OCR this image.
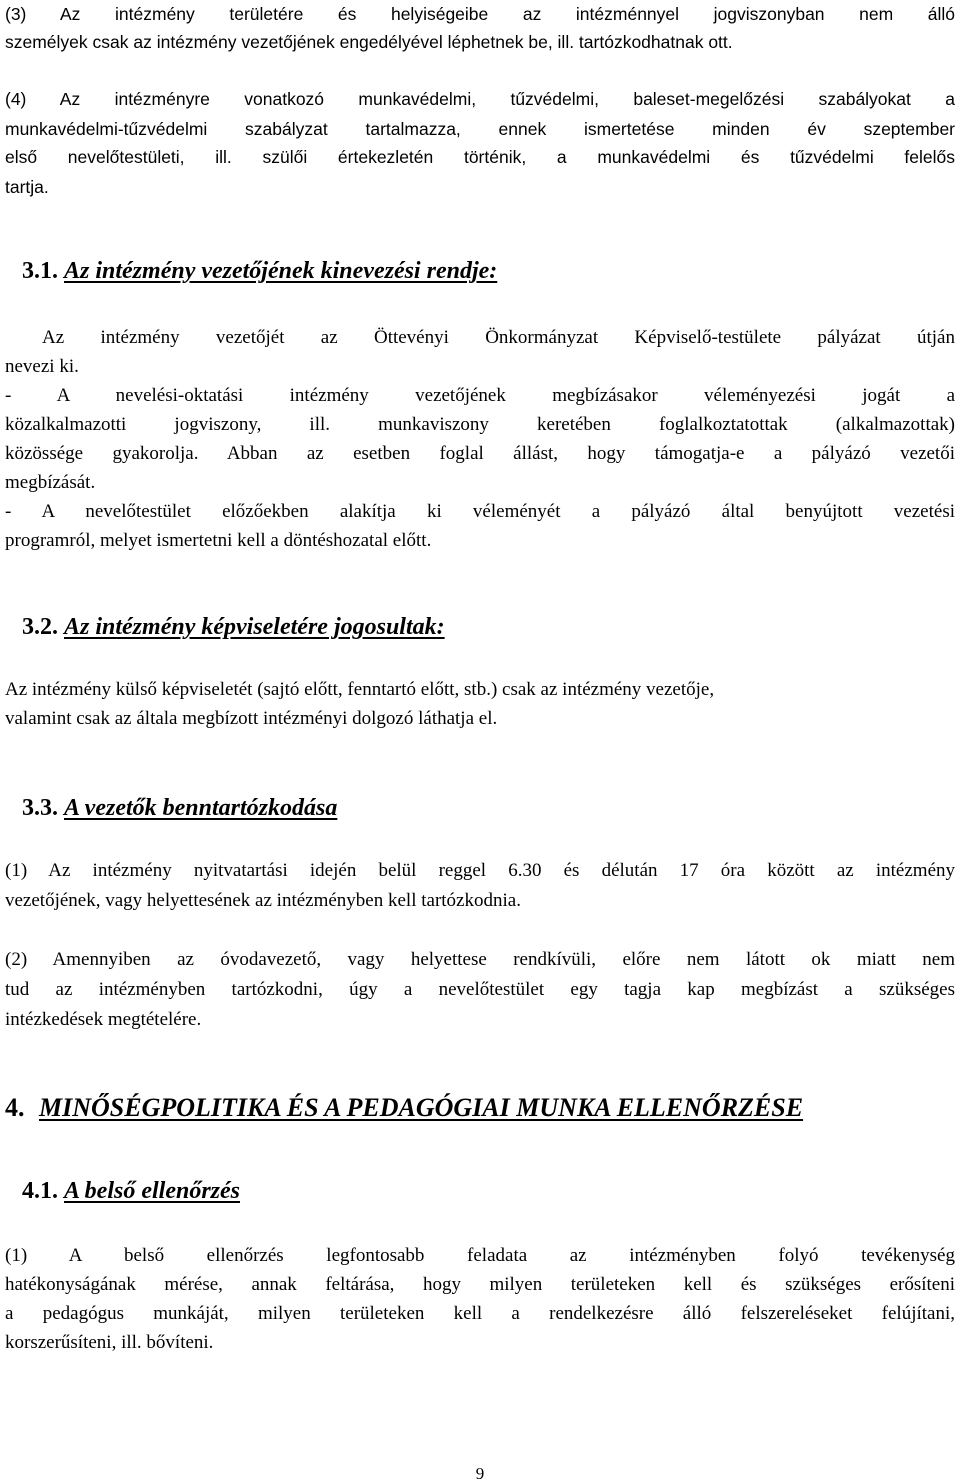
(3) Az intézmény területére és helyiségeibe az intézménnyel jogviszonyban nem álló
személyek csak az intézmény vezetőjének engedélyével léphetnek be, ill. tartózkodhatnak ott.
(4) Az intézményre vonatkozó munkavédelmi, tűzvédelmi, baleset-megelőzési szabályokat a
munkavédelmi-tűzvédelmi szabályzat tartalmazza, ennek ismertetése minden év szeptember
első nevelőtestületi, ill. szülői értekezletén történik, a munkavédelmi és tűzvédelmi felelős
tartja.
3.1. Az intézmény vezetőjének kinevezési rendje:
Az intézmény vezetőjét az Öttevényi Önkormányzat Képviselő-testülete pályázat útján
nevezi ki.
- A nevelési-oktatási intézmény vezetőjének megbízásakor véleményezési jogát a
közalkalmazotti jogviszony, ill. munkaviszony keretében foglalkoztatottak (alkalmazottak)
közössége gyakorolja. Abban az esetben foglal állást, hogy támogatja-e a pályázó vezetői
megbízását.
- A nevelőtestület előzőekben alakítja ki véleményét a pályázó által benyújtott vezetési
programról, melyet ismertetni kell a döntéshozatal előtt.
3.2. Az intézmény képviseletére jogosultak:
Az intézmény külső képviseletét (sajtó előtt, fenntartó előtt, stb.) csak az intézmény vezetője,
valamint csak az általa megbízott intézményi dolgozó láthatja el.
3.3. A vezetők benntartózkodása
(1) Az intézmény nyitvatartási idején belül reggel 6.30 és délután 17 óra között az intézmény
vezetőjének, vagy helyettesének az intézményben kell tartózkodnia.
(2) Amennyiben az óvodavezető, vagy helyettese rendkívüli, előre nem látott ok miatt nem
tud az intézményben tartózkodni, úgy a nevelőtestület egy tagja kap megbízást a szükséges
intézkedések megtételére.
4. MINŐSÉGPOLITIKA ÉS A PEDAGÓGIAI MUNKA ELLENŐRZÉSE
4.1. A belső ellenőrzés
(1) A belső ellenőrzés legfontosabb feladata az intézményben folyó tevékenység
hatékonyságának mérése, annak feltárása, hogy milyen területeken kell és szükséges erősíteni
a pedagógus munkáját, milyen területeken kell a rendelkezésre álló felszereléseket felújítani,
korszerűsíteni, ill. bővíteni.
9
